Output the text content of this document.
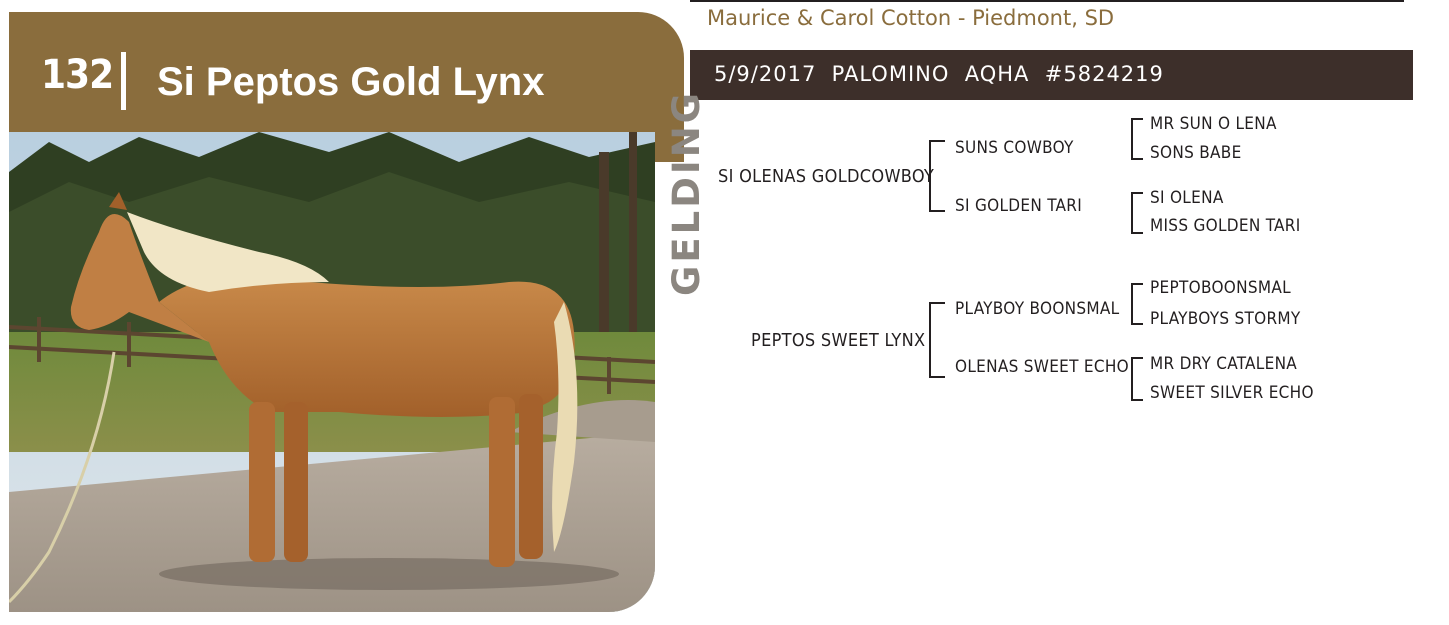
132 Si Peptos Gold Lynx
Maurice & Carol Cotton - Piedmont, SD
5/9/2017  PALOMINO  AQHA  #5824219
GELDING SI OLENAS GOLDCOWBOY
SUNS COWBOY
SI GOLDEN TARI
MR SUN O LENA
SONS BABE
SI OLENA
MISS GOLDEN TARI
PEPTOS SWEET LYNX
PLAYBOY BOONSMAL
OLENAS SWEET ECHO
PEPTOBOONSMAL
PLAYBOYS STORMY
MR DRY CATALENA
SWEET SILVER ECHO
